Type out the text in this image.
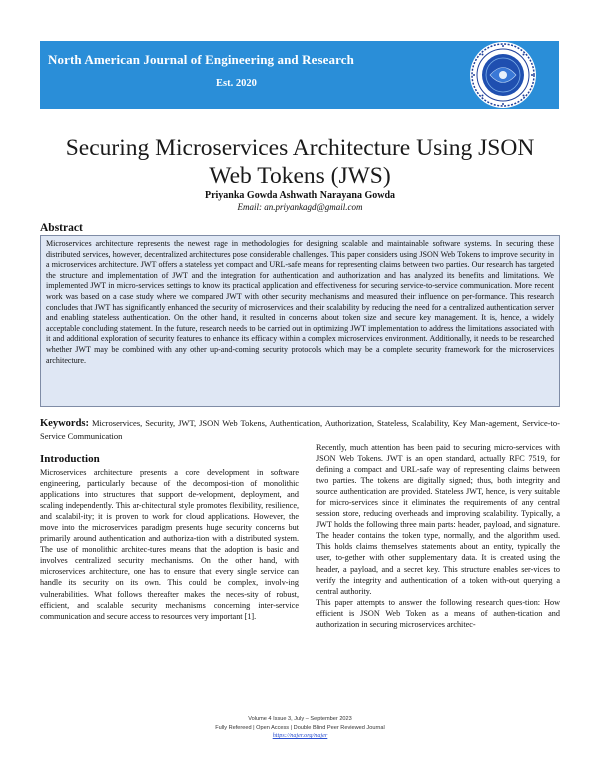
North American Journal of Engineering and Research

Est. 2020

Securing Microservices Architecture Using JSON
Web Tokens (JWS)
Priyanka Gowda Ashwath Narayana Gowda
Email: an.priyankagd@gmail.com
Abstract
Microservices architecture represents the newest rage in methodologies for designing scalable and maintainable software systems. In securing these distributed services, however, decentralized architectures pose considerable challenges. This paper considers using JSON Web Tokens to improve security in a microservices architecture. JWT offers a stateless yet compact and URL-safe means for representing claims between two parties. Our research has targeted the structure and implementation of JWT and the integration for authentication and authorization and has analyzed its benefits and limitations. We implemented JWT in micro-services settings to know its practical application and effectiveness for securing service-to-service communication. More recent work was based on a case study where we compared JWT with other security mechanisms and measured their influence on per-formance. This research concludes that JWT has significantly enhanced the security of microservices and their scalability by reducing the need for a centralized authentication server and enabling stateless authentication. On the other hand, it resulted in concerns about token size and secure key management. It is, hence, a widely acceptable concluding statement. In the future, research needs to be carried out in optimizing JWT implementation to address the limitations associated with it and additional exploration of security features to enhance its efficacy within a complex microservices environment. Additionally, it needs to be researched whether JWT may be combined with any other up-and-coming security protocols which may be a complete security framework for the microservices architecture.

Keywords: Microservices, Security, JWT, JSON Web Tokens, Authentication, Authorization, Stateless, Scalability, Key Man-agement, Service-to-Service Communication

Introduction

Microservices architecture presents a core development in software engineering, particularly because of the decomposi-tion of monolithic applications into structures that support de-velopment, deployment, and scaling independently. This ar-chitectural style promotes flexibility, resilience, and scalabil-ity; it is proven to work for cloud applications. However, the move into the microservices paradigm presents huge security concerns but primarily around authentication and authoriza-tion with a distributed system. The use of monolithic architec-tures means that the adoption is basic and involves centralized security mechanisms. On the other hand, with microservices architecture, one has to ensure that every single service can handle its security on its own. This could be complex, involv-ing vulnerabilities. What follows thereafter makes the neces-sity of robust, efficient, and scalable security mechanisms concerning inter-service communication and secure access to resources very important [1].

Recently, much attention has been paid to securing micro-services with JSON Web Tokens. JWT is an open standard, actually RFC 7519, for defining a compact and URL-safe way of representing claims between two parties. The tokens are digitally signed; thus, both integrity and source authentication are provided. Stateless JWT, hence, is very suitable for micro-services since it eliminates the requirements of any central session store, reducing overheads and improving scalability. Typically, a JWT holds the following three main parts: header, payload, and signature. The header contains the token type, normally, and the algorithm used. This holds claims themselves statements about an entity, typically the user, to-gether with other supplementary data. It is created using the header, a payload, and a secret key. This structure enables ser-vices to verify the integrity and authentication of a token with-out querying a central authority.

This paper attempts to answer the following research ques-tion: How efficient is JSON Web Token as a means of authen-tication and authorization in securing microservices architec-

Volume 4 Issue 3, July – September 2023
Fully Refereed | Open Access | Double Blind Peer Reviewed Journal
https://najer.org/najer
